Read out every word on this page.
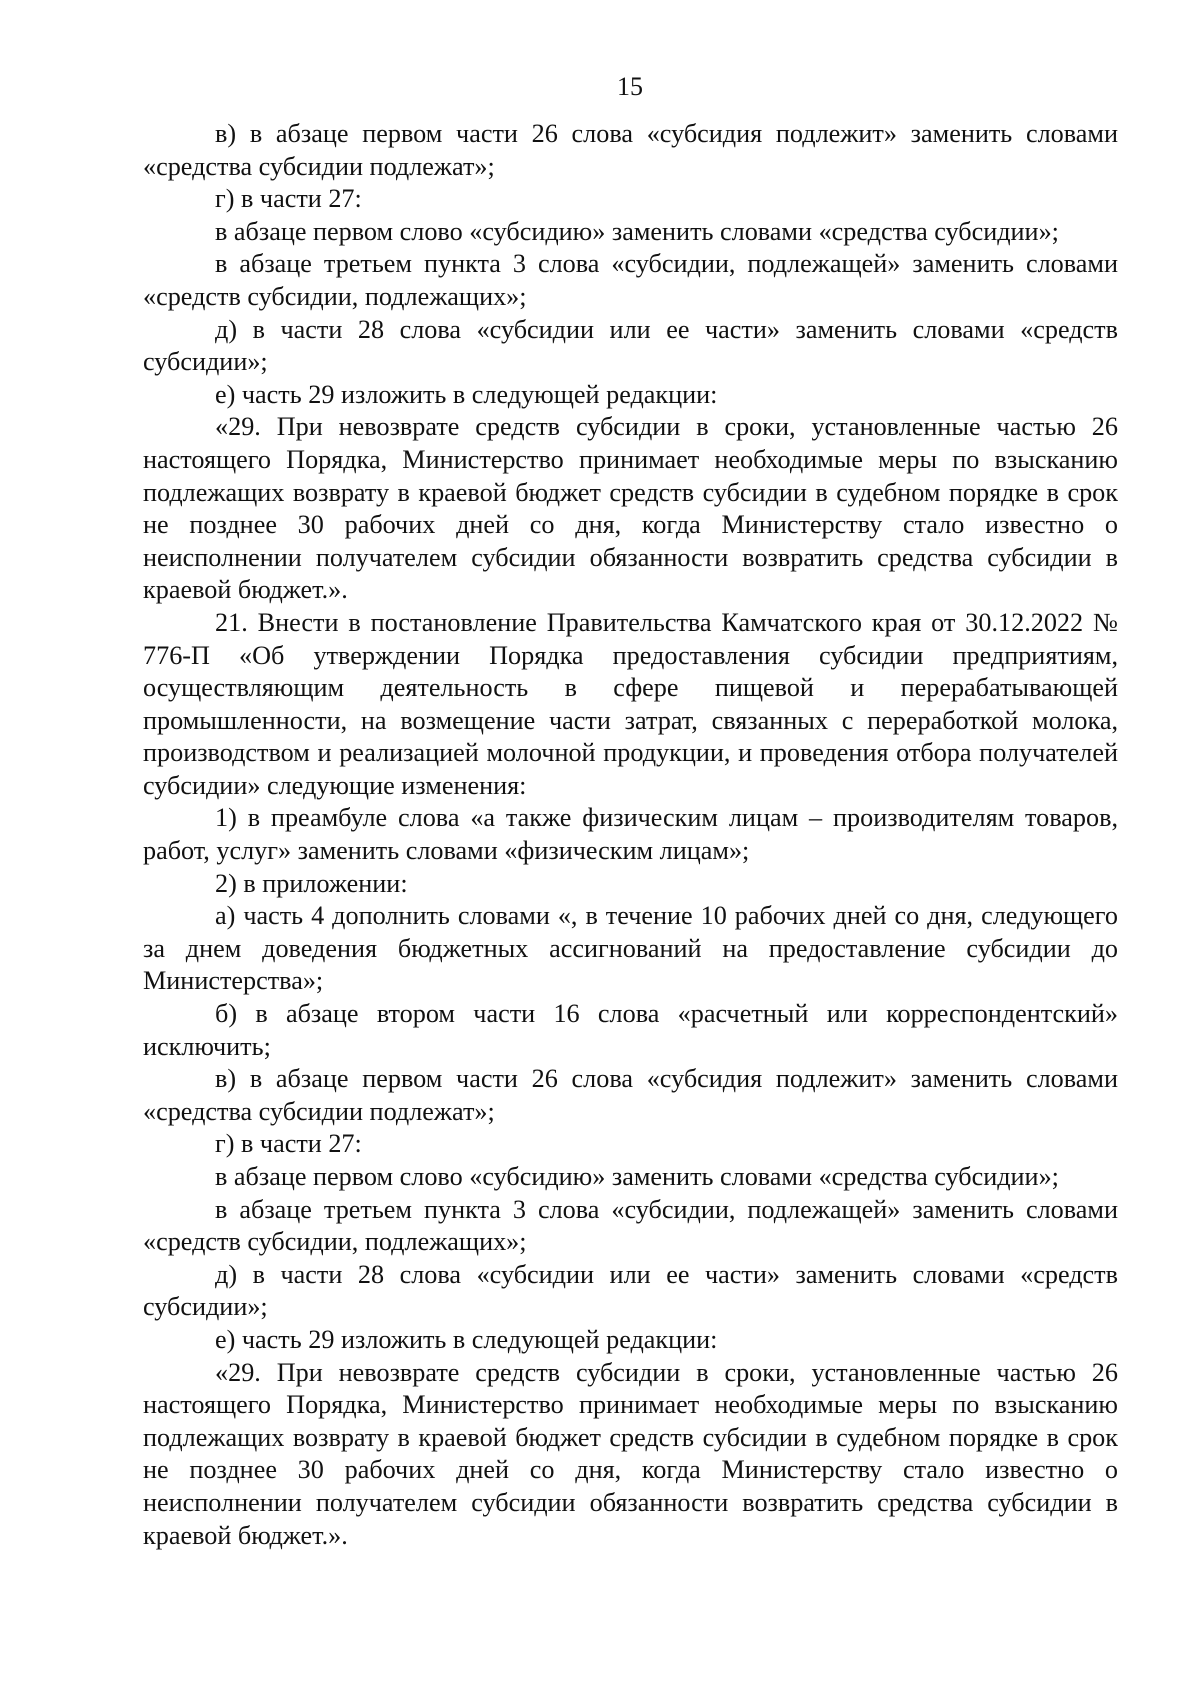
15

в) в абзаце первом части 26 слова «субсидия подлежит» заменить словами «средства субсидии подлежат»;

г) в части 27:

в абзаце первом слово «субсидию» заменить словами «средства субсидии»;

в абзаце третьем пункта 3 слова «субсидии, подлежащей» заменить словами «средств субсидии, подлежащих»;

д) в части 28 слова «субсидии или ее части» заменить словами «средств субсидии»;

е) часть 29 изложить в следующей редакции:

«29. При невозврате средств субсидии в сроки, установленные частью 26 настоящего Порядка, Министерство принимает необходимые меры по взысканию подлежащих возврату в краевой бюджет средств субсидии в судебном порядке в срок не позднее 30 рабочих дней со дня, когда Министерству стало известно о неисполнении получателем субсидии обязанности возвратить средства субсидии в краевой бюджет.».

21. Внести в постановление Правительства Камчатского края от 30.12.2022 № 776-П «Об утверждении Порядка предоставления субсидии предприятиям, осуществляющим деятельность в сфере пищевой и перерабатывающей промышленности, на возмещение части затрат, связанных с переработкой молока, производством и реализацией молочной продукции, и проведения отбора получателей субсидии» следующие изменения:

1) в преамбуле слова «а также физическим лицам – производителям товаров, работ, услуг» заменить словами «физическим лицам»;

2) в приложении:

а) часть 4 дополнить словами «, в течение 10 рабочих дней со дня, следующего за днем доведения бюджетных ассигнований на предоставление субсидии до Министерства»;

б) в абзаце втором части 16 слова «расчетный или корреспондентский» исключить;

в) в абзаце первом части 26 слова «субсидия подлежит» заменить словами «средства субсидии подлежат»;

г) в части 27:

в абзаце первом слово «субсидию» заменить словами «средства субсидии»;

в абзаце третьем пункта 3 слова «субсидии, подлежащей» заменить словами «средств субсидии, подлежащих»;

д) в части 28 слова «субсидии или ее части» заменить словами «средств субсидии»;

е) часть 29 изложить в следующей редакции:

«29. При невозврате средств субсидии в сроки, установленные частью 26 настоящего Порядка, Министерство принимает необходимые меры по взысканию подлежащих возврату в краевой бюджет средств субсидии в судебном порядке в срок не позднее 30 рабочих дней со дня, когда Министерству стало известно о неисполнении получателем субсидии обязанности возвратить средства субсидии в краевой бюджет.».
